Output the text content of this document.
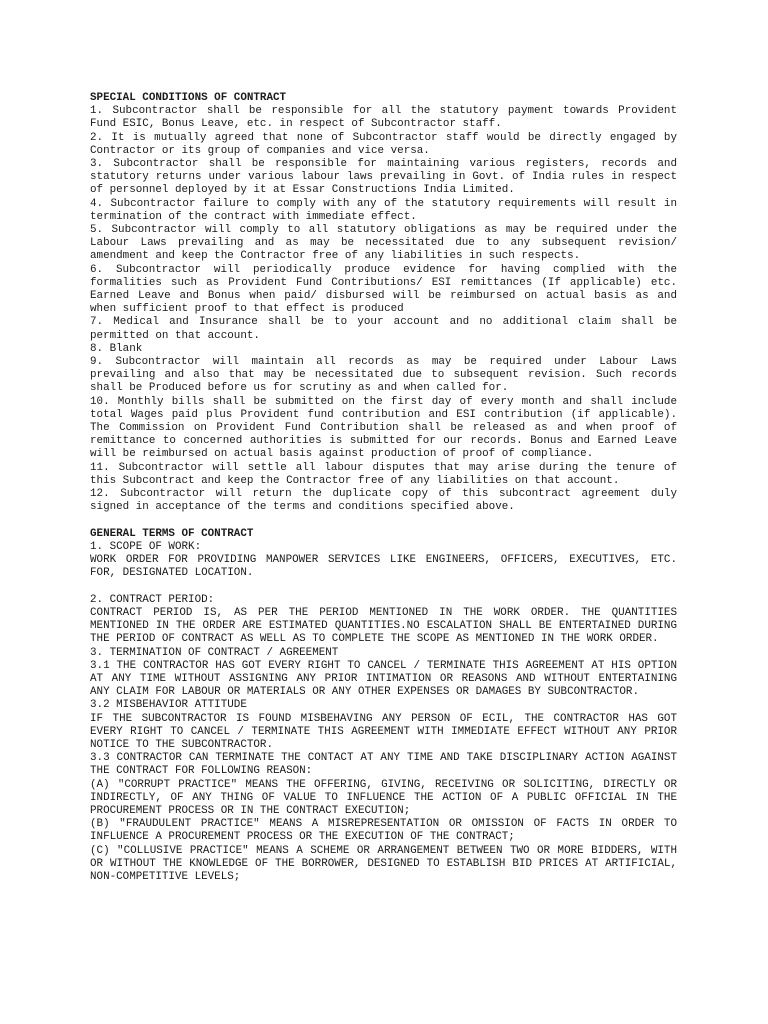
SPECIAL CONDITIONS OF CONTRACT

1. Subcontractor shall be responsible for all the statutory payment towards Provident Fund ESIC, Bonus Leave, etc. in respect of Subcontractor staff.

2. It is mutually agreed that none of Subcontractor staff would be directly engaged by Contractor or its group of companies and vice versa.

3. Subcontractor shall be responsible for maintaining various registers, records and statutory returns under various labour laws prevailing in Govt. of India rules in respect of personnel deployed by it at Essar Constructions India Limited.

4. Subcontractor failure to comply with any of the statutory requirements will result in termination of the contract with immediate effect.

5. Subcontractor will comply to all statutory obligations as may be required under the Labour Laws prevailing and as may be necessitated due to any subsequent revision/ amendment and keep the Contractor free of any liabilities in such respects.

6. Subcontractor will periodically produce evidence for having complied with the formalities such as Provident Fund Contributions/ ESI remittances (If applicable) etc. Earned Leave and Bonus when paid/ disbursed will be reimbursed on actual basis as and when sufficient proof to that effect is produced

7. Medical and Insurance shall be to your account and no additional claim shall be permitted on that account.

8. Blank

9. Subcontractor will maintain all records as may be required under Labour Laws prevailing and also that may be necessitated due to subsequent revision. Such records shall be Produced before us for scrutiny as and when called for.

10. Monthly bills shall be submitted on the first day of every month and shall include total Wages paid plus Provident fund contribution and ESI contribution (if applicable). The Commission on Provident Fund Contribution shall be released as and when proof of remittance to concerned authorities is submitted for our records. Bonus and Earned Leave will be reimbursed on actual basis against production of proof of compliance.

11. Subcontractor will settle all labour disputes that may arise during the tenure of this Subcontract and keep the Contractor free of any liabilities on that account.

12. Subcontractor will return the duplicate copy of this subcontract agreement duly signed in acceptance of the terms and conditions specified above.

GENERAL TERMS OF CONTRACT

1. SCOPE OF WORK:

WORK ORDER FOR PROVIDING MANPOWER SERVICES LIKE ENGINEERS, OFFICERS, EXECUTIVES, ETC. FOR, DESIGNATED LOCATION.

2. CONTRACT PERIOD:

CONTRACT PERIOD IS, AS PER THE PERIOD MENTIONED IN THE WORK ORDER. THE QUANTITIES MENTIONED IN THE ORDER ARE ESTIMATED QUANTITIES.NO ESCALATION SHALL BE ENTERTAINED DURING THE PERIOD OF CONTRACT AS WELL AS TO COMPLETE THE SCOPE AS MENTIONED IN THE WORK ORDER.

3. TERMINATION OF CONTRACT / AGREEMENT

3.1 THE CONTRACTOR HAS GOT EVERY RIGHT TO CANCEL / TERMINATE THIS AGREEMENT AT HIS OPTION AT ANY TIME WITHOUT ASSIGNING ANY PRIOR INTIMATION OR REASONS AND WITHOUT ENTERTAINING ANY CLAIM FOR LABOUR OR MATERIALS OR ANY OTHER EXPENSES OR DAMAGES BY SUBCONTRACTOR.

3.2 MISBEHAVIOR ATTITUDE

IF THE SUBCONTRACTOR IS FOUND MISBEHAVING ANY PERSON OF ECIL, THE CONTRACTOR HAS GOT EVERY RIGHT TO CANCEL / TERMINATE THIS AGREEMENT WITH IMMEDIATE EFFECT WITHOUT ANY PRIOR NOTICE TO THE SUBCONTRACTOR.

3.3 CONTRACTOR CAN TERMINATE THE CONTACT AT ANY TIME AND TAKE DISCIPLINARY ACTION AGAINST THE CONTRACT FOR FOLLOWING REASON:

(A) "CORRUPT PRACTICE" MEANS THE OFFERING, GIVING, RECEIVING OR SOLICITING, DIRECTLY OR INDIRECTLY, OF ANY THING OF VALUE TO INFLUENCE THE ACTION OF A PUBLIC OFFICIAL IN THE PROCUREMENT PROCESS OR IN THE CONTRACT EXECUTION;

(B) "FRAUDULENT PRACTICE" MEANS A MISREPRESENTATION OR OMISSION OF FACTS IN ORDER TO INFLUENCE A PROCUREMENT PROCESS OR THE EXECUTION OF THE CONTRACT;

(C) "COLLUSIVE PRACTICE" MEANS A SCHEME OR ARRANGEMENT BETWEEN TWO OR MORE BIDDERS, WITH OR WITHOUT THE KNOWLEDGE OF THE BORROWER, DESIGNED TO ESTABLISH BID PRICES AT ARTIFICIAL, NON-COMPETITIVE LEVELS;
